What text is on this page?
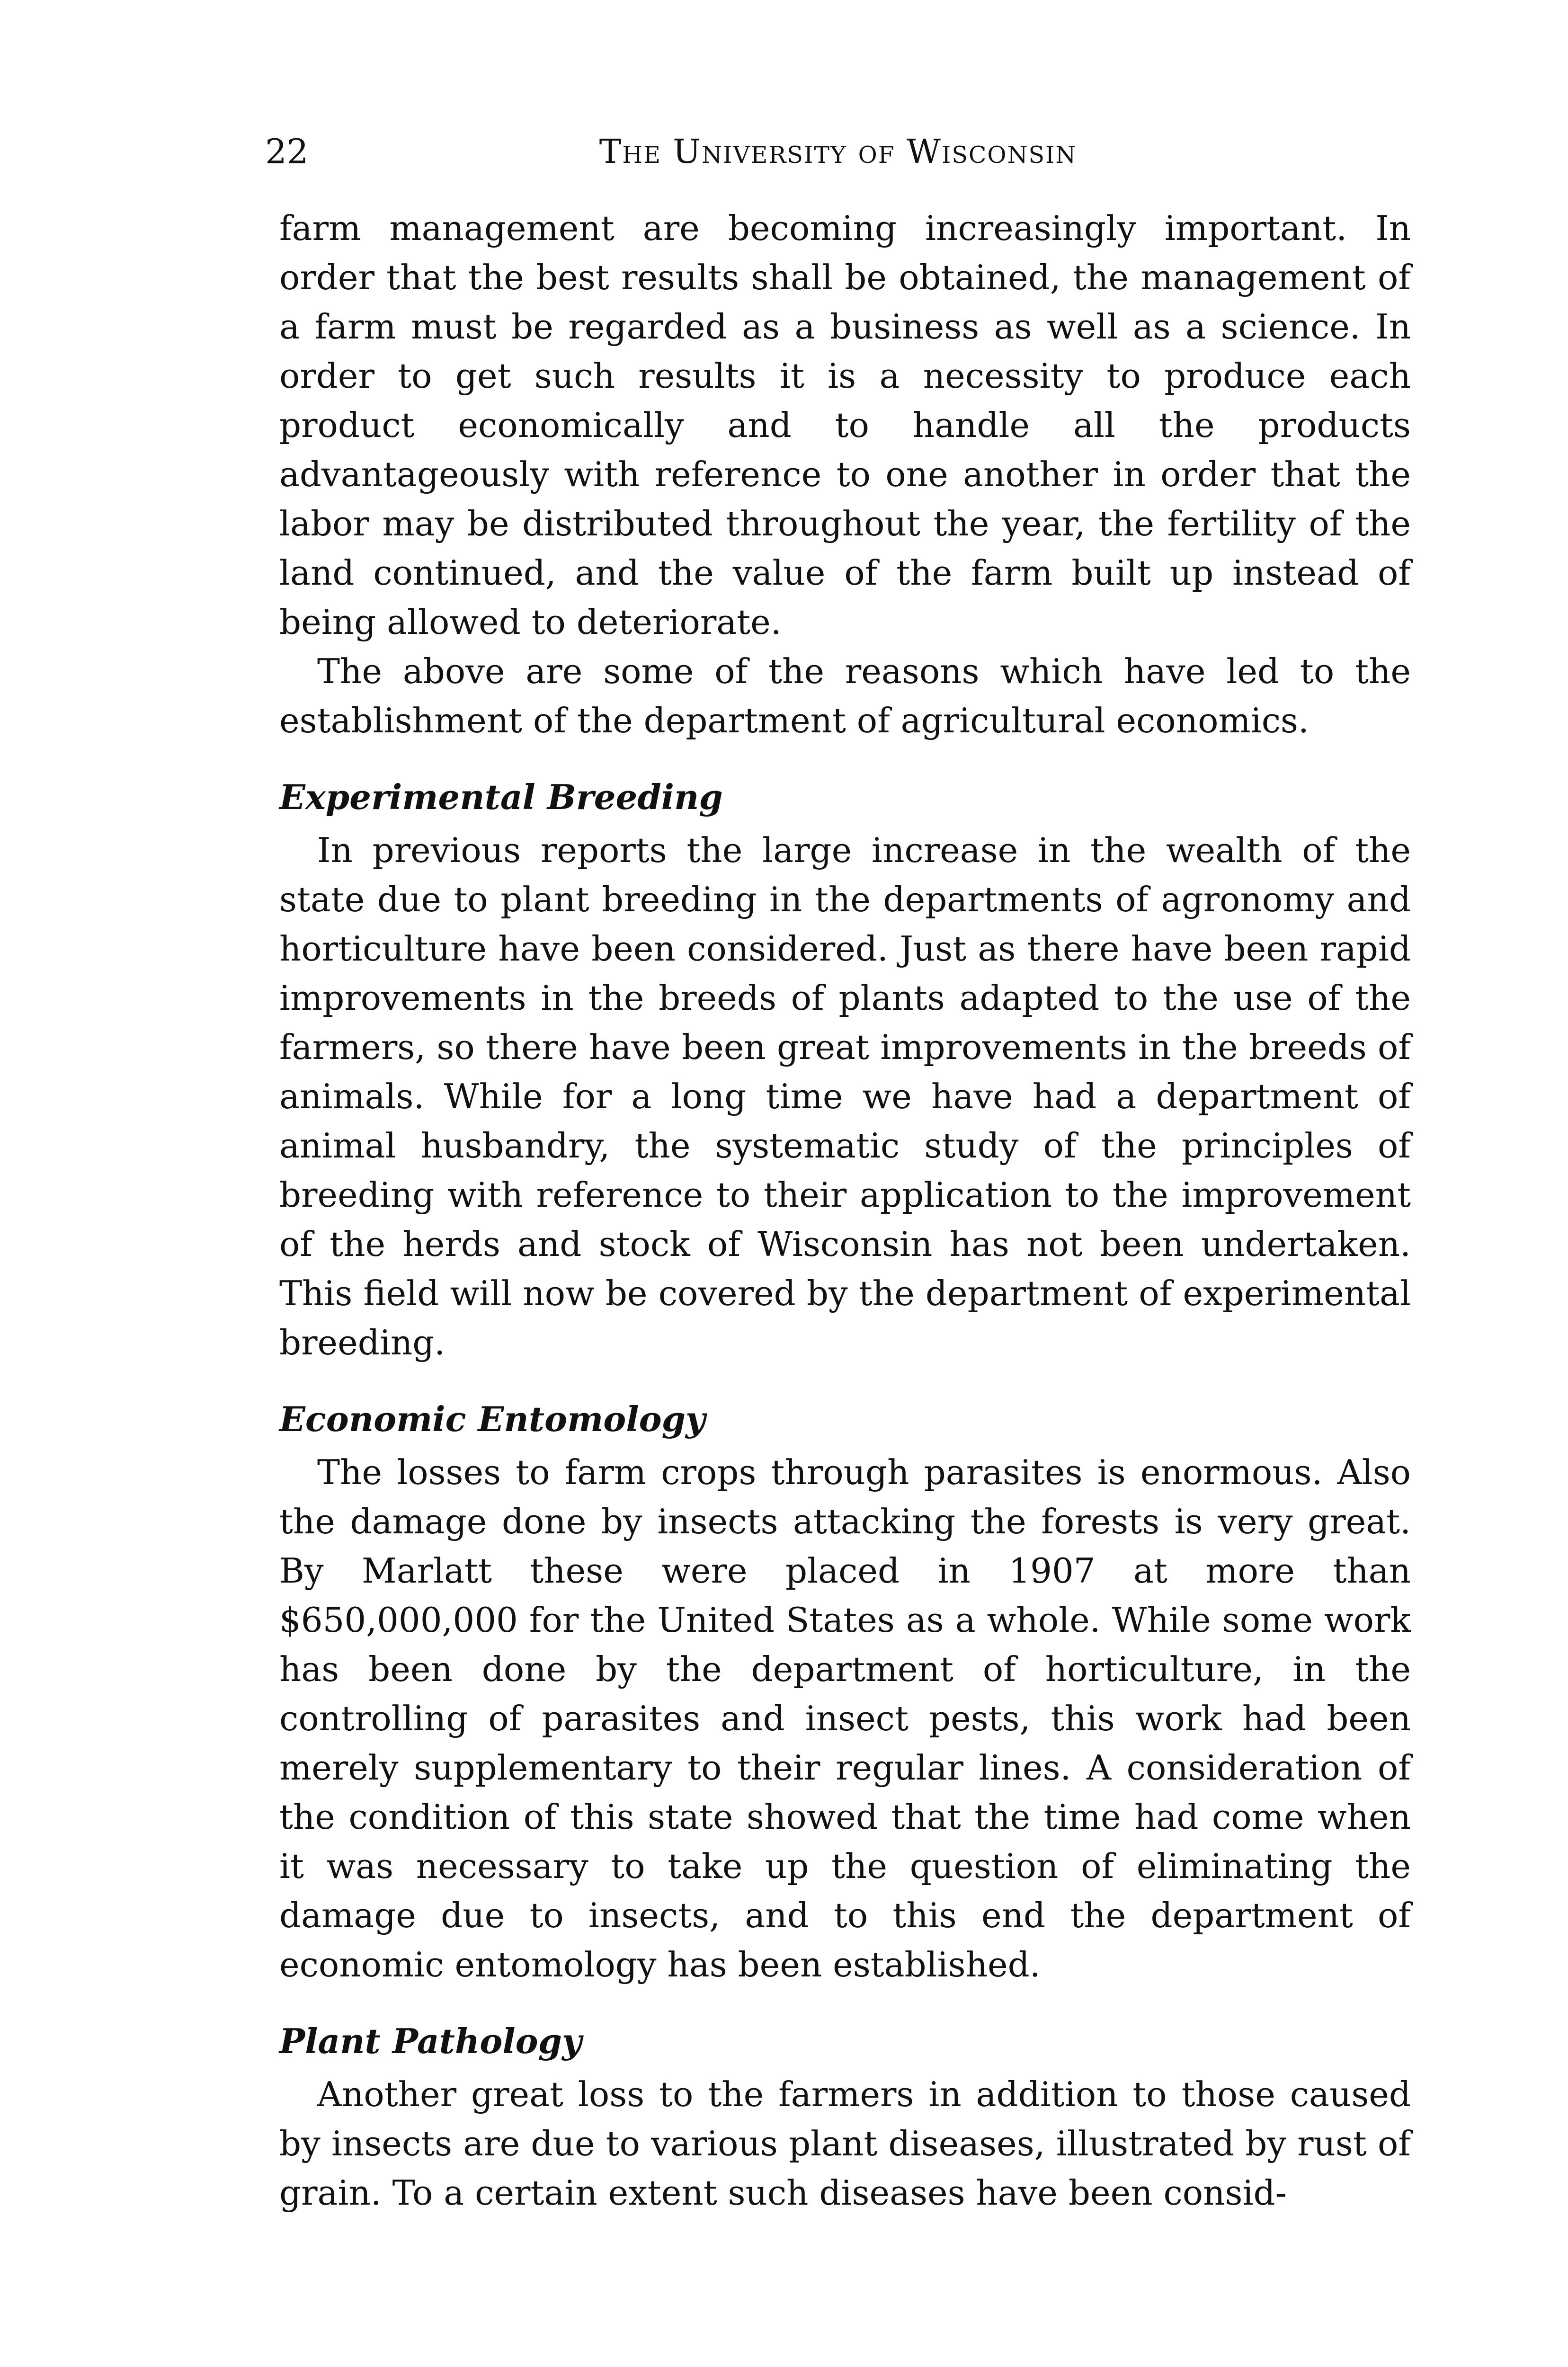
22	The University of Wisconsin

farm management are becoming increasingly important. In order that the best results shall be obtained, the management of a farm must be regarded as a business as well as a science. In order to get such results it is a necessity to produce each product economically and to handle all the products advantageously with reference to one another in order that the labor may be distributed throughout the year, the fertility of the land continued, and the value of the farm built up instead of being allowed to deteriorate.

The above are some of the reasons which have led to the establishment of the department of agricultural economics.

Experimental Breeding

In previous reports the large increase in the wealth of the state due to plant breeding in the departments of agronomy and horticulture have been considered. Just as there have been rapid improvements in the breeds of plants adapted to the use of the farmers, so there have been great improvements in the breeds of animals. While for a long time we have had a department of animal husbandry, the systematic study of the principles of breeding with reference to their application to the improvement of the herds and stock of Wisconsin has not been undertaken. This field will now be covered by the department of experimental breeding.

Economic Entomology

The losses to farm crops through parasites is enormous. Also the damage done by insects attacking the forests is very great. By Marlatt these were placed in 1907 at more than $650,000,000 for the United States as a whole. While some work has been done by the department of horticulture, in the controlling of parasites and insect pests, this work had been merely supplementary to their regular lines. A consideration of the condition of this state showed that the time had come when it was necessary to take up the question of eliminating the damage due to insects, and to this end the department of economic entomology has been established.

Plant Pathology

Another great loss to the farmers in addition to those caused by insects are due to various plant diseases, illustrated by rust of grain. To a certain extent such diseases have been consid-
